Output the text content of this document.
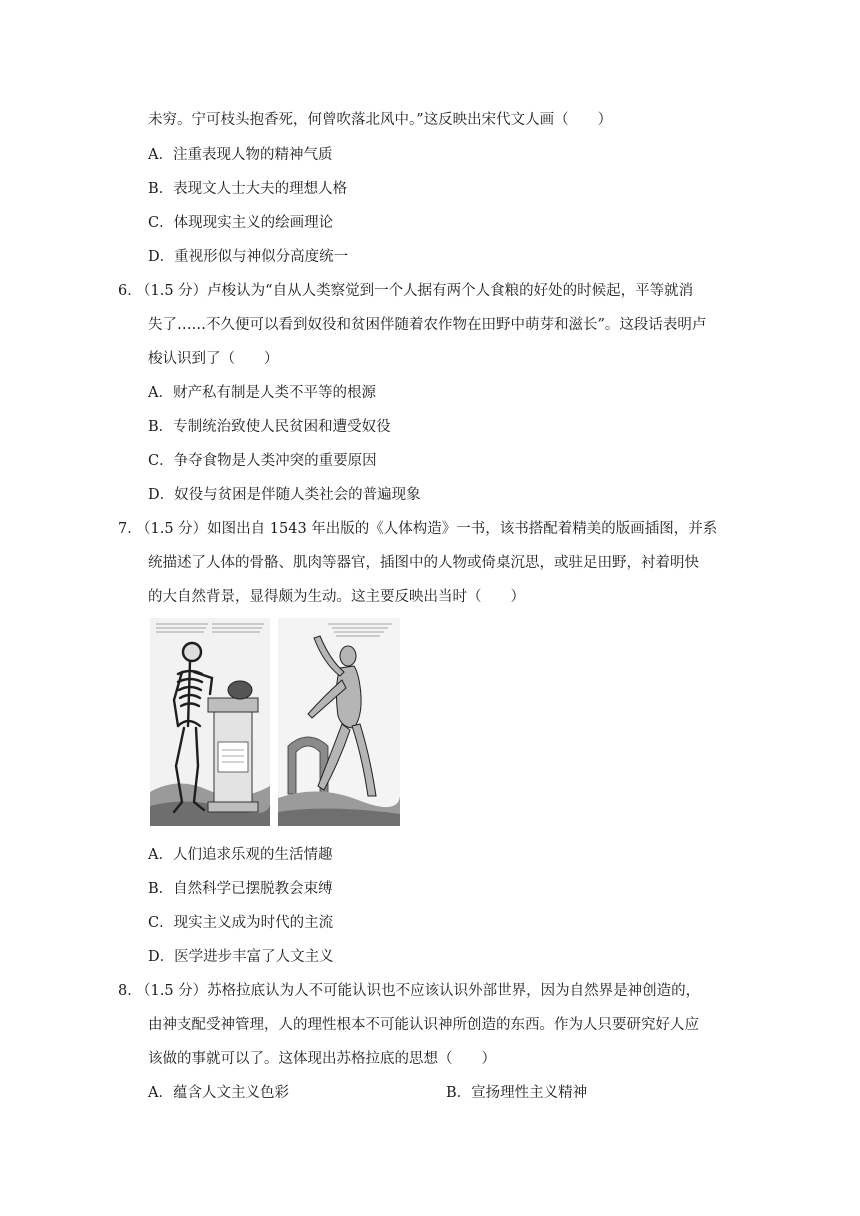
未穷。宁可枝头抱香死，何曾吹落北风中。”这反映出宋代文人画（　　）
A．注重表现人物的精神气质
B．表现文人士大夫的理想人格
C．体现现实主义的绘画理论
D．重视形似与神似分高度统一
6．
（1.5 分）卢梭认为“自从人类察觉到一个人据有两个人食粮的好处的时候起，平等就消
失了……不久便可以看到奴役和贫困伴随着农作物在田野中萌芽和滋长”。这段话表明卢
梭认识到了（　　）
A．财产私有制是人类不平等的根源
B．专制统治致使人民贫困和遭受奴役
C．争夺食物是人类冲突的重要原因
D．奴役与贫困是伴随人类社会的普遍现象
7．
（1.5 分）如图出自 1543 年出版的《人体构造》一书，该书搭配着精美的版画插图，并系
统描述了人体的骨骼、肌肉等器官，插图中的人物或倚桌沉思，或驻足田野，衬着明快
的大自然背景，显得颇为生动。这主要反映出当时（　　）
A．人们追求乐观的生活情趣
B．自然科学已摆脱教会束缚
C．现实主义成为时代的主流
D．医学进步丰富了人文主义
8．
（1.5 分）苏格拉底认为人不可能认识也不应该认识外部世界，因为自然界是神创造的，
由神支配受神管理，人的理性根本不可能认识神所创造的东西。作为人只要研究好人应
该做的事就可以了。这体现出苏格拉底的思想（　　）
A．蕴含人文主义色彩	B．宣扬理性主义精神
